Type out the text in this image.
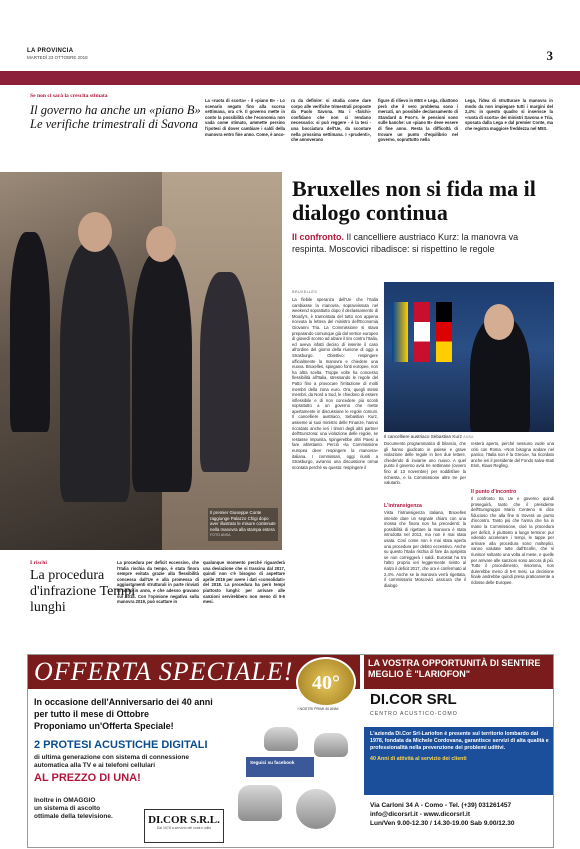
LA PROVINCIA
MARTEDÌ 23 OTTOBRE 2018	3
Se non ci sarà la crescita stimata
Il governo ha anche un «piano B» Le verifiche trimestrali di Savona
La «ruota di scorta» - il «piano B» - Lo scenario negato fino alla scorsa settimana, ora c'è. Il governo mette in conto la possibilità che l'economia non vada come stimato, ammette persino l'ipotesi di dover cambiare i saldi della manovra entro fine anno. Come, è anco-
ra da definire: si studia come dare corpo alle verifiche trimestrali proposte da Paolo Savona. Ma i «falchi» confidano che non ci rendano necessario: si può reggere - è la tesi - una bocciatura dell'Ue, da scontare nella prossima settimana. I «prudenti», che annoverano
figure di rilievo in M5S e Lega, ribattono però che il vero problema sono i mercati, un possibile declassamento di Standard & Poor's. le pensioni sono sulle banche: un «piano B» deve essere di fine anno. Resta la difficoltà di trovare un punto d'equilibrio nel governo, soprattutto nella
Lega, l'idea di strutturare la manovra in modo da non impiegare tutti i margini del 2,4%: in questo quadro si inserisce la «ruota di scorta» dei ministri Savona e Tria, sposata dalla Lega e dal premier Conte, ma che registra maggiore freddezza nel M5S.
Il premier Giuseppe Conte raggiunge Palazzo Chigi dopo aver illustrato le misure contenute nella manovra alla stampa estera FOTO ANSA
Bruxelles non si fida ma il dialogo continua
Il confronto. Il cancelliere austriaco Kurz: la manovra va respinta. Moscovici ribadisce: si rispettino le regole
BRUXELLES
La flebile speranza dell'Ue che l'Italia cambiasse la manovra, sopravvissuta nel weekend soprattutto dopo il declassamento di Moody's, è tramontata del tutto non appena ricevuta la lettera del ministro dell'Economia Giovanni Tria. La Commissione si stava preparando comunque già dal vertice europeo di giovedì scorso ad alzare il tiro contro l'Italia, ed aveva infatti deciso di inserire il caso all'ordine del giorno della riunione di oggi a Strasburgo. Obiettivo: respingere ufficialmente la manovra e chiedere una nuova. Bruxelles, spiegano fonti europee, non ha altra scelta. Troppe volte ha concesso flessibilità all'Italia, stressando le regole del Patto fino a provocare l'irritazione di molti membri della zona euro. Ora, quegli stessi membri, da Nord a Sud, le chiedono di essere inflessibile e di non concedere più sconti soprattutto a un governo che mette apertamente in discussione le regole comuni. Il cancelliere austriaco, Sebastian Kurz, assieme ai suoi ministro delle Finanze, hanno ricordato anche ieri i timori degli altri partner dell'Eurozona: una violazione delle regole, se restasse impunita, spingerebbe altri Paesi a fare altrettanto. Perciò «la Commissione europea deve respingere la manovra» italiana. I commissari, oggi riuniti a Strasburgo, avranno una discussione ormai scontata perché su questo: respingere il
Il cancelliere austriaco Sebastian Kurz ANSA
Documento programmatico di bilancio, che gli hanno giudicato in palese e grave violazione delle regole in ben due lettere, chiedendo di inviarne uno nuovo. A quel punto il governo avrà tre settimane (ovvero fino al 13 novembre) per soddisfare la richiesta, e la Commissione altre tre per valutarlo.
L'intransigenza
Vista l'intransigenza italiana, Bruxelles intende dare un segnale chiaro con una mossa che finora non ha precedenti: la possibilità di rigettare la manovra è stata introdotta nel 2013, ma non è mai stata usata. Così come non è mai stata aperta una procedura per debito eccessivo. Anche su questo l'Italia rischia di fare da apripista se non correggerà i saldi. Eurostat ha tra l'altro proprio ieri leggermente rivisto al rialzo il deficit 2017, che ora è confermato al 2,4%. Anche se la manovra verrà rigettata, il commissario Moscovici assicura che il dialogo
resterà aperto, perché nessuno vuole una crisi con Roma. «Non bisogna andare nel panico, l'Italia non è la Grecia», ha ricordato anche ieri il presidente del Fondo salva-Stati Esm, Klaus Regling.
Il punto d'incontro
Il confronto tra Ue e governo quindi proseguirà, tanto che il presidente dell'Eurogruppo Mario Centeno si dice fiducioso che alla fine si troverà un punto d'incontro. Tanto più che l'arma che ha in mano la Commissione, cioè la procedura per deficit, è piuttosto a lungo termine: pur volendo accelerare i tempi, le tappe per arrivare alla procedura sono molteplici, vanno valutate tutte dall'Ecofin, che si riunisce soltanto una volta al mese, e quelle per arrivare alle sanzioni sono ancora di più. Tutto il procedimento, insomma, non durerebbe meno di 5-6 mesi. La decisione finale andrebbe quindi presa praticamente a ridosso delle Europee.
I rischi
La procedura d'infrazione Tempi lunghi
La procedura per deficit eccessivo, che l'Italia rischia da tempo, è stata finora sempre evitata grazie alla flessibilità concessa dall'Ue e alla promessa di aggiustamenti strutturali in parte rinviati di anno in anno, e che adesso gravano sul 2018. Con l'opinione negativa sulla manovra 2019, può scattare in
qualunque momento perché riguarderà una deviazione che si trascina dal 2017, quindi non c'è bisogno di aspettare aprile 2019 per avere i dati «consolidati» del 2018. La procedura ha però tempi piuttosto lunghi: per arrivare alle sanzioni servirebbero non meno di 5-6 mesi.
OFFERTA SPECIALE! 40°
I NOSTRI PRIMI 40 ANNI
In occasione dell'Anniversario dei 40 anni
per tutto il mese di Ottobre
Proponiamo un'Offerta Speciale!
2 PROTESI ACUSTICHE DIGITALI
di ultima generazione con sistema di connessione
automatica alla TV e ai telefoni cellulari
AL PREZZO DI UNA!
Inoltre in OMAGGIO
un sistema di ascolto
ottimale della televisione.	DI.COR S.R.L.
Dal 1978 a servizio del vostro udito
Seguici su facebook
LA VOSTRA OPPORTUNITÀ DI SENTIRE MEGLIO È "LARIOFON"
DI.COR SRL
CENTRO ACUSTICO-COMO
L'azienda Di.Cor Srl-Lariofon è presente sul territorio lombardo dal 1978, fondata da Michele Cordovana, garantisce servizi di alta qualità e professionalità nella prevenzione dei problemi uditivi.
40 Anni di attività al servizio dei clienti
Via Carloni 34 A - Como - Tel. (+39) 031261457
info@dicorsrl.it - www.dicorsrl.it
Lun/Ven 9.00-12.30 / 14.30-19.00 Sab 9.00/12.30
